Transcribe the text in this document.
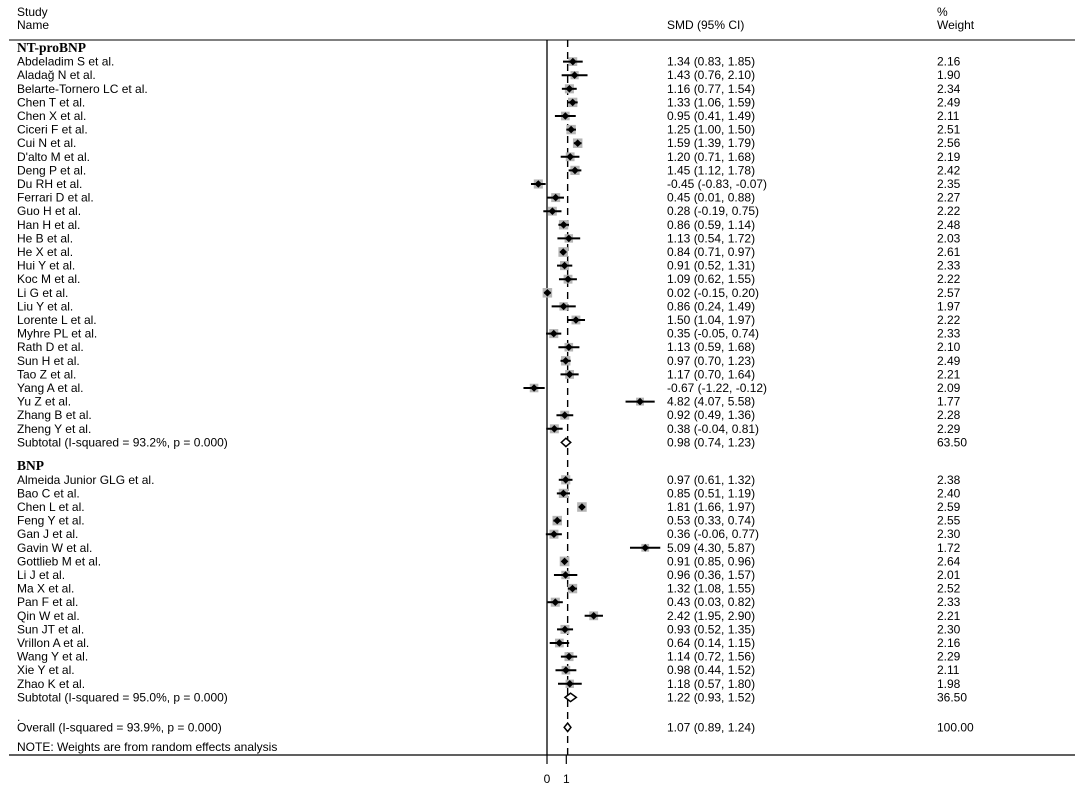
Study
Name	SMD (95% CI)
%
Weight
NT-proBNP
Abdeladim S et al.	1.34 (0.83, 1.85)	2.16
Aladağ N et al.	1.43 (0.76, 2.10)	1.90
Belarte-Tornero LC et al.	1.16 (0.77, 1.54)	2.34
Chen T et al.	1.33 (1.06, 1.59)	2.49
Chen X et al.	0.95 (0.41, 1.49)	2.11
Ciceri F et al.	1.25 (1.00, 1.50)	2.51
Cui N et al.	1.59 (1.39, 1.79)	2.56
D'alto M et al.	1.20 (0.71, 1.68)	2.19
Deng P et al.	1.45 (1.12, 1.78)	2.42
Du RH et al.	-0.45 (-0.83, -0.07)	2.35
Ferrari D et al.	0.45 (0.01, 0.88)	2.27
Guo H et al.	0.28 (-0.19, 0.75)	2.22
Han H et al.	0.86 (0.59, 1.14)	2.48
He B et al.	1.13 (0.54, 1.72)	2.03
He X et al.	0.84 (0.71, 0.97)	2.61
Hui Y et al.	0.91 (0.52, 1.31)	2.33
Koc M et al.	1.09 (0.62, 1.55)	2.22
Li G et al.	0.02 (-0.15, 0.20)	2.57
Liu Y et al.	0.86 (0.24, 1.49)	1.97
Lorente L et al.	1.50 (1.04, 1.97)	2.22
Myhre PL et al.	0.35 (-0.05, 0.74)	2.33
Rath D et al.	1.13 (0.59, 1.68)	2.10
Sun H et al.	0.97 (0.70, 1.23)	2.49
Tao Z et al.	1.17 (0.70, 1.64)	2.21
Yang A et al.	-0.67 (-1.22, -0.12)	2.09
Yu Z et al.	4.82 (4.07, 5.58)	1.77
Zhang B et al.	0.92 (0.49, 1.36)	2.28
Zheng Y et al.	0.38 (-0.04, 0.81)	2.29
Subtotal (I-squared = 93.2%, p = 0.000)	0.98 (0.74, 1.23)	63.50
BNP
Almeida Junior GLG et al.	0.97 (0.61, 1.32)	2.38
Bao C et al.	0.85 (0.51, 1.19)	2.40
Chen L et al.	1.81 (1.66, 1.97)	2.59
Feng Y et al.	0.53 (0.33, 0.74)	2.55
Gan J et al.	0.36 (-0.06, 0.77)	2.30
Gavin W et al.	5.09 (4.30, 5.87)	1.72
Gottlieb M et al.	0.91 (0.85, 0.96)	2.64
Li J et al.	0.96 (0.36, 1.57)	2.01
Ma X et al.	1.32 (1.08, 1.55)	2.52
Pan F et al.	0.43 (0.03, 0.82)	2.33
Qin W et al.	2.42 (1.95, 2.90)	2.21
Sun JT et al.	0.93 (0.52, 1.35)	2.30
Vrillon A et al.	0.64 (0.14, 1.15)	2.16
Wang Y et al.	1.14 (0.72, 1.56)	2.29
Xie Y et al.	0.98 (0.44, 1.52)	2.11
Zhao K et al.	1.18 (0.57, 1.80)	1.98
Subtotal (I-squared = 95.0%, p = 0.000)	1.22 (0.93, 1.52)	36.50
.
Overall (I-squared = 93.9%, p = 0.000)	1.07 (0.89, 1.24)	100.00
NOTE: Weights are from random effects analysis
0 1
